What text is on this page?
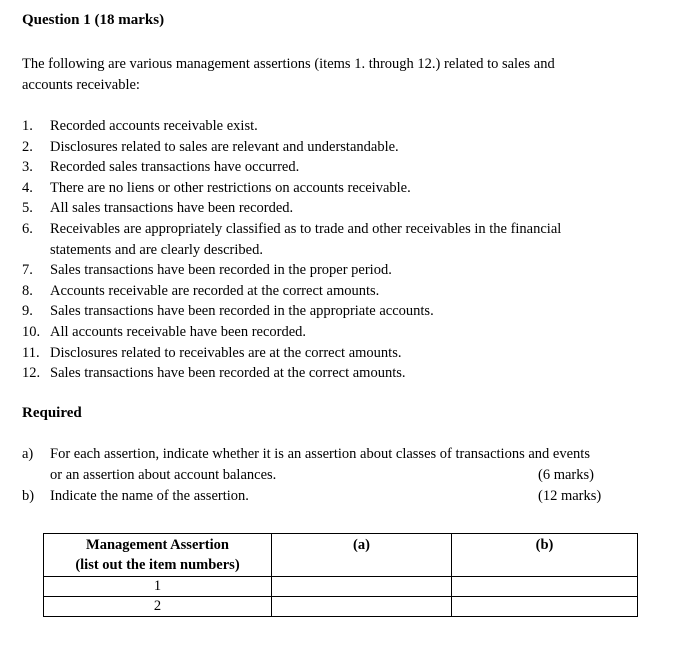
Question 1 (18 marks)
The following are various management assertions (items 1. through 12.) related to sales and
accounts receivable:
1. Recorded accounts receivable exist.
2. Disclosures related to sales are relevant and understandable.
3. Recorded sales transactions have occurred.
4. There are no liens or other restrictions on accounts receivable.
5. All sales transactions have been recorded.
6. Receivables are appropriately classified as to trade and other receivables in the financial
statements and are clearly described.
7. Sales transactions have been recorded in the proper period.
8. Accounts receivable are recorded at the correct amounts.
9. Sales transactions have been recorded in the appropriate accounts.
10. All accounts receivable have been recorded.
11. Disclosures related to receivables are at the correct amounts.
12. Sales transactions have been recorded at the correct amounts.
Required
a) For each assertion, indicate whether it is an assertion about classes of transactions and events
or an assertion about account balances.	(6 marks)
b) Indicate the name of the assertion.	(12 marks)
Management Assertion
(list out the item numbers)	(a)	(b)
1		
2		
